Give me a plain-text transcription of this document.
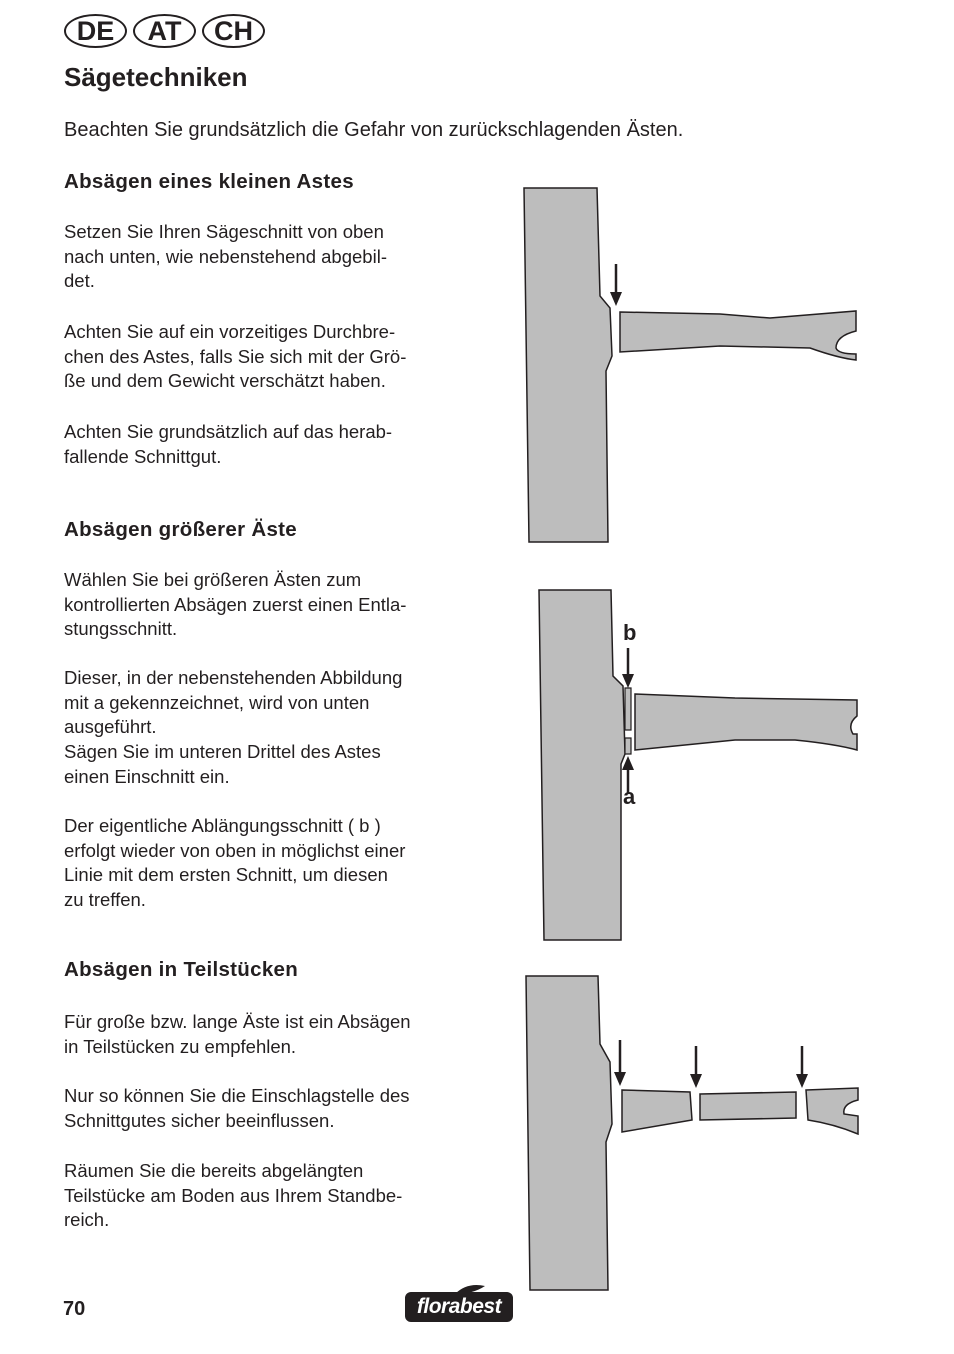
DE	AT	CH
Sägetechniken

Beachten Sie grundsätzlich die Gefahr von zurückschlagenden Ästen.

Absägen eines kleinen Astes

Setzen Sie Ihren Sägeschnitt von oben
nach unten, wie nebenstehend abgebil-
det.

Achten Sie auf ein vorzeitiges Durchbre-
chen des Astes, falls Sie sich mit der Grö-
ße und dem Gewicht verschätzt haben.

Achten Sie grundsätzlich auf das herab-
fallende Schnittgut.

Absägen größerer Äste

Wählen Sie bei größeren Ästen zum
kontrollierten Absägen zuerst einen Entla-
stungsschnitt.

Dieser, in der nebenstehenden Abbildung
mit a gekennzeichnet, wird von unten
ausgeführt.
Sägen Sie im unteren Drittel des Astes
einen Einschnitt ein.

Der eigentliche Ablängungsschnitt ( b )
erfolgt wieder von oben in möglichst einer
Linie mit dem ersten Schnitt, um diesen
zu treffen.

Absägen in Teilstücken

Für große bzw. lange Äste ist ein Absägen
in Teilstücken zu empfehlen.

Nur so können Sie die Einschlagstelle des
Schnittgutes sicher beeinflussen.

Räumen Sie die bereits abgelängten
Teilstücke am Boden aus Ihrem Standbe-
reich.

b
a
70	florabest
